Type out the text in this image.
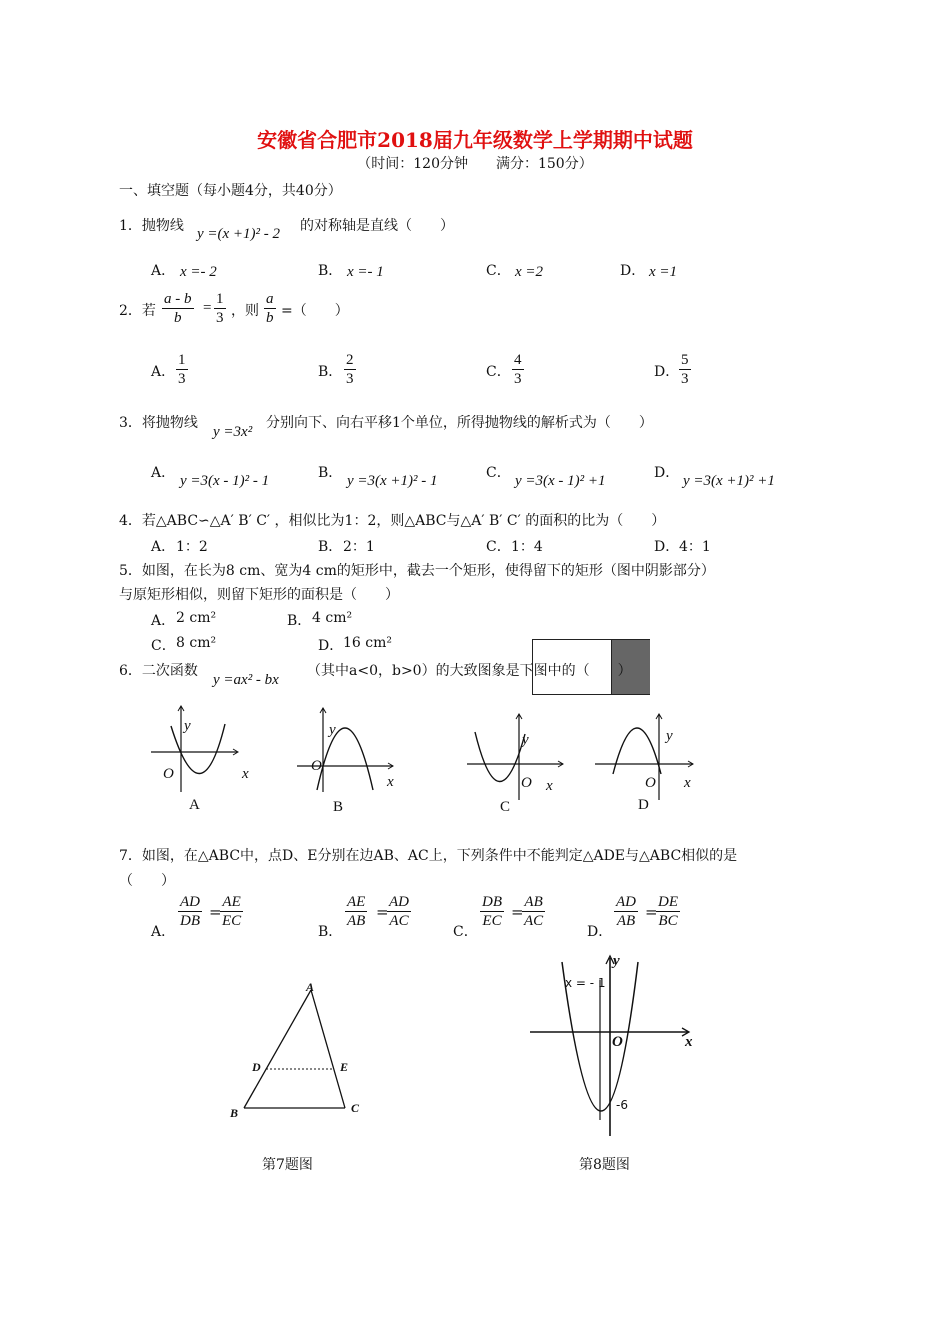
安徽省合肥市2018届九年级数学上学期期中试题
（时间：120分钟　　满分：150分）
一、填空题（每小题4分，共40分）
1．抛物线 y =(x +1)² - 2 的对称轴是直线（　　）
A． x =- 2	B． x =- 1	C． x =2	D． x =1
2．若 $\frac{a - b}{b} = \frac{1}{3}$ ，则 $\frac{a}{b}$ =（　　）
A． $\frac{1}{3}$	B． $\frac{2}{3}$	C． $\frac{4}{3}$	D． $\frac{5}{3}$
3．将抛物线
y =3x²
分别向下、向右平移1个单位，所得抛物线的解析式为（　　）
A． y =3(x - 1)² - 1	B． y =3(x +1)² - 1	C． y =3(x - 1)² +1	D． y =3(x +1)² +1
4．若△ABC∽△A′ B′ C′ ，相似比为1：2，则△ABC与△A′ B′ C′ 的面积的比为（　　）
A． 1：2	B． 2：1	C． 1：4	D． 4：1
5．如图，在长为8 cm、宽为4 cm的矩形中，截去一个矩形，使得留下的矩形（图中阴影部分）
与原矩形相似，则留下矩形的面积是（　　）
A． 2 cm²	B． 4 cm²
C． 8 cm²	D． 16 cm²
6．二次函数
y =ax² - bx
（其中a<0，b>0）的大致图象是下图中的（　　）
y
O	x
A
y
O
x
B
y
O x
C
y
O x
D
7．如图，在△ABC中，点D、E分别在边AB、AC上，下列条件中不能判定△ADE与△ABC相似的是
（　　）
A．
$\frac{AD}{DB}$ =
$\frac{AE}{EC}$
B．
$\frac{AE}{AB}$ =
$\frac{AD}{AC}$
C．
$\frac{DB}{EC}$ =
$\frac{AB}{AC}$
D．
$\frac{AD}{AB}$ =
$\frac{DE}{BC}$
A
D	E
B	C
第7题图
y
x = - 1
O	x
-6
第8题图
